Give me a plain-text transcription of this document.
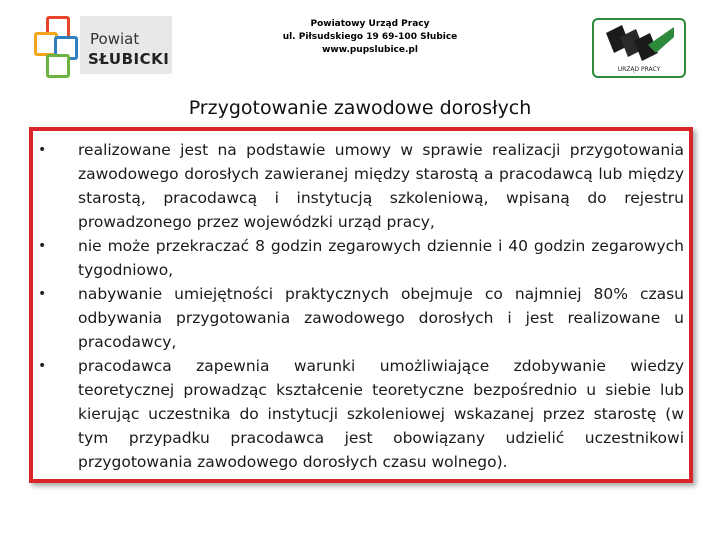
Powiat
SŁUBICKI
Powiatowy Urząd Pracy
ul. Piłsudskiego 19 69-100 Słubice
www.pupslubice.pl
URZĄD PRACY
Przygotowanie zawodowe dorosłych
• realizowane jest na podstawie umowy w sprawie realizacji przygotowania zawodowego dorosłych zawieranej między starostą a pracodawcą lub między starostą, pracodawcą i instytucją szkoleniową, wpisaną do rejestru prowadzonego przez wojewódzki urząd pracy,
• nie może przekraczać 8 godzin zegarowych dziennie i 40 godzin zegarowych tygodniowo,
• nabywanie umiejętności praktycznych obejmuje co najmniej 80% czasu odbywania przygotowania zawodowego dorosłych i jest realizowane u pracodawcy,
• pracodawca zapewnia warunki umożliwiające zdobywanie wiedzy teoretycznej prowadząc kształcenie teoretyczne bezpośrednio u siebie lub kierując uczestnika do instytucji szkoleniowej wskazanej przez starostę (w tym przypadku pracodawca jest obowiązany udzielić uczestnikowi przygotowania zawodowego dorosłych czasu wolnego).
